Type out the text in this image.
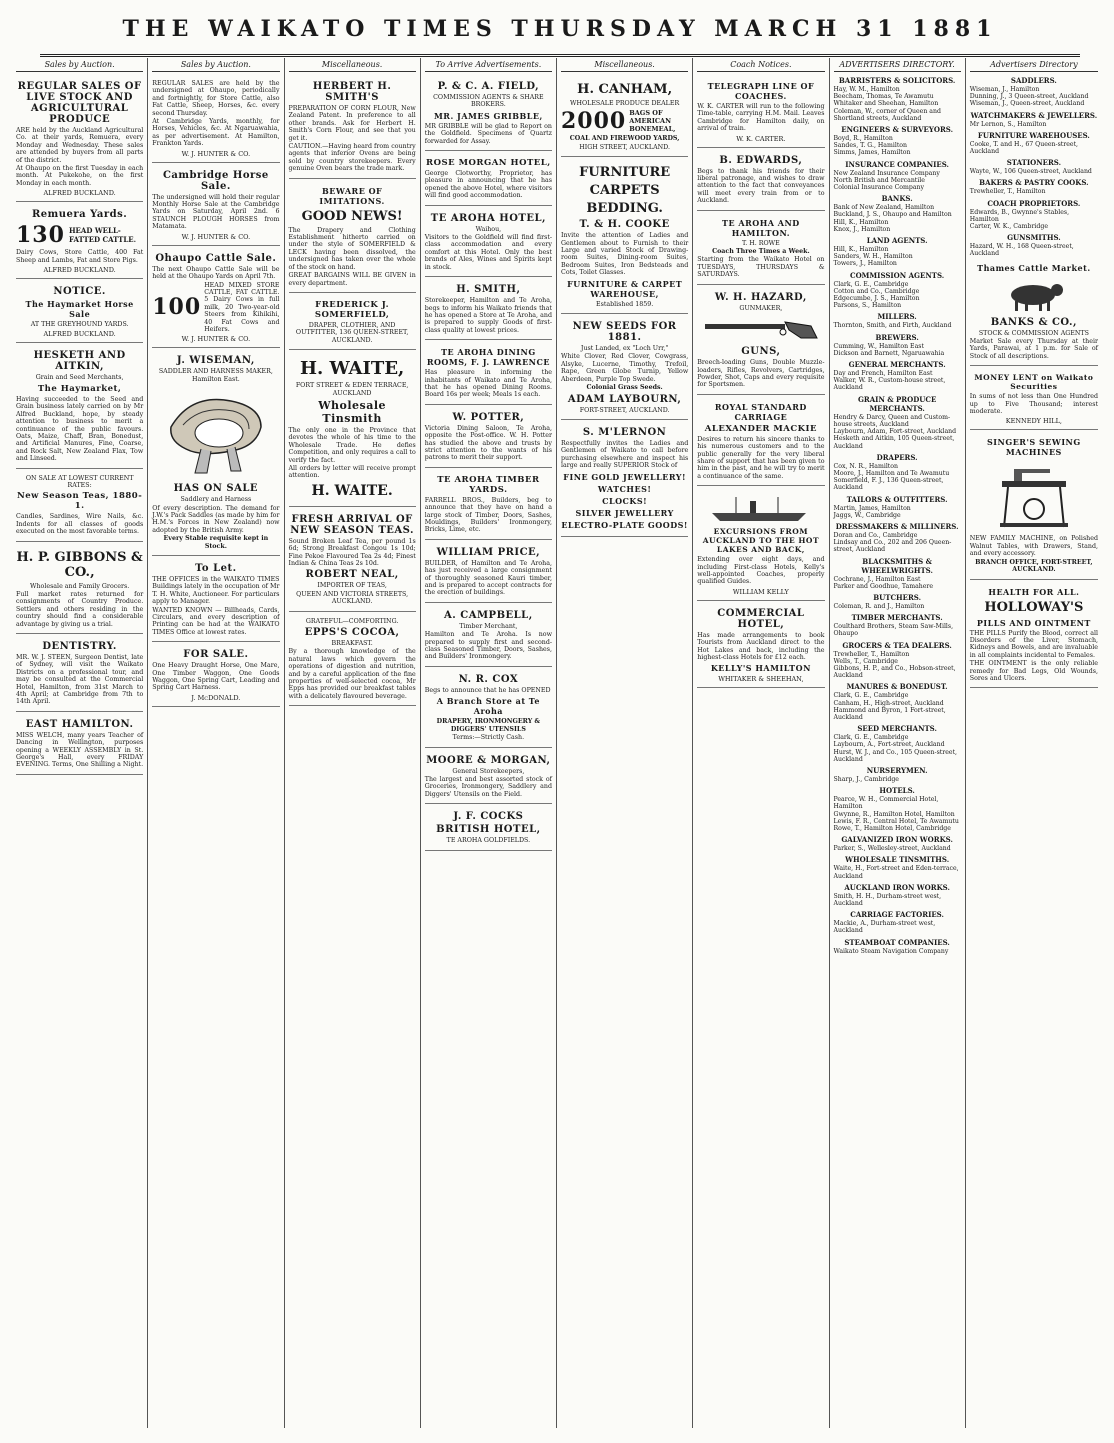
THE WAIKATO TIMES THURSDAY MARCH 31 1881
Sales by Auction.
REGULAR SALES OF LIVE STOCK AND AGRICULTURAL PRODUCE

ARE held by the Auckland Agricultural Co. at their yards, Remuera, every Monday and Wednesday. These sales are attended by buyers from all parts of the district.

At Ohaupo on the first Tuesday in each month. At Pukekohe, on the first Monday in each month.

ALFRED BUCKLAND.
Remuera Yards.
130 HEAD WELL-FATTED CATTLE.

Dairy Cows, Store Cattle, 400 Fat Sheep and Lambs, Fat and Store Pigs.

ALFRED BUCKLAND.
NOTICE.
The Haymarket Horse Sale

AT THE GREYHOUND YARDS.

ALFRED BUCKLAND.
HESKETH AND AITKIN,

Grain and Seed Merchants,

The Haymarket,

Having succeeded to the Seed and Grain business lately carried on by Mr Alfred Buckland, hope, by steady attention to business to merit a continuance of the public favours. Oats, Maize, Chaff, Bran, Bonedust, and Artificial Manures, Fine, Coarse, and Rock Salt, New Zealand Flax, Tow and Linseed.

ON SALE AT LOWEST CURRENT RATES:

New Season Teas, 1880-1.

Candles, Sardines, Wire Nails, &c. Indents for all classes of goods executed on the most favorable terms.

H. P. GIBBONS & CO.,

Wholesale and Family Grocers.

Full market rates returned for consignments of Country Produce. Settlers and others residing in the country should find a considerable advantage by giving us a trial.

DENTISTRY.

MR. W. J. STEEN, Surgeon Dentist, late of Sydney, will visit the Waikato Districts on a professional tour, and may be consulted at the Commercial Hotel, Hamilton, from 31st March to 4th April; at Cambridge from 7th to 14th April.

EAST HAMILTON.

MISS WELCH, many years Teacher of Dancing in Wellington, purposes opening a WEEKLY ASSEMBLY in St. George's Hall, every FRIDAY EVENING. Terms, One Shilling a Night.

Sales by Auction.

REGULAR SALES are held by the undersigned at Ohaupo, periodically and fortnightly, for Store Cattle, also Fat Cattle, Sheep, Horses, &c. every second Thursday.

At Cambridge Yards, monthly, for Horses, Vehicles, &c. At Ngaruawahia, as per advertisement. At Hamilton, Frankton Yards.

W. J. HUNTER & CO.
Cambridge Horse Sale.

The undersigned will hold their regular Monthly Horse Sale at the Cambridge Yards on Saturday, April 2nd. 6 STAUNCH PLOUGH HORSES from Matamata.

W. J. HUNTER & CO.
Ohaupo Cattle Sale.

The next Ohaupo Cattle Sale will be held at the Ohaupo Yards on April 7th.

100

HEAD MIXED STORE CATTLE, FAT CATTLE. 5 Dairy Cows in full milk, 20 Two-year-old Steers from Kihikihi, 40 Fat Cows and Heifers.

W. J. HUNTER & CO.
J. WISEMAN,

SADDLER AND HARNESS MAKER, Hamilton East.

HAS ON SALE

Saddlery and Harness

Of every description. The demand for J.W.'s Pack Saddles (as made by him for H.M.'s Forces in New Zealand) now adopted by the British Army.

Every Stable requisite kept in Stock.

To Let.

THE OFFICES in the WAIKATO TIMES Buildings lately in the occupation of Mr T. H. White, Auctioneer. For particulars apply to Manager.

WANTED KNOWN — Billheads, Cards, Circulars, and every description of Printing can be had at the WAIKATO TIMES Office at lowest rates.

FOR SALE.

One Heavy Draught Horse, One Mare, One Timber Waggon, One Goods Waggon, One Spring Cart, Leading and Spring Cart Harness.

J. McDONALD.
Miscellaneous.
HERBERT H. SMITH'S

PREPARATION OF CORN FLOUR, New Zealand Patent. In preference to all other brands. Ask for Herbert H. Smith's Corn Flour, and see that you get it.

CAUTION.—Having heard from country agents that inferior Ovens are being sold by country storekeepers. Every genuine Oven bears the trade mark.

BEWARE OF IMITATIONS.
GOOD NEWS!

The Drapery and Clothing Establishment hitherto carried on under the style of SOMERFIELD & LECK having been dissolved, the undersigned has taken over the whole of the stock on hand.

GREAT BARGAINS WILL BE GIVEN in every department.

FREDERICK J. SOMERFIELD,

DRAPER, CLOTHIER, AND OUTFITTER, 136 QUEEN-STREET, AUCKLAND.

H. WAITE,

FORT STREET & EDEN TERRACE, AUCKLAND

Wholesale Tinsmith

The only one in the Province that devotes the whole of his time to the Wholesale Trade. He defies Competition, and only requires a call to verify the fact.

All orders by letter will receive prompt attention.

H. WAITE.
FRESH ARRIVAL OF NEW SEASON TEAS.

Sound Broken Leaf Tea, per pound 1s 6d; Strong Breakfast Congou 1s 10d; Fine Pekoe Flavoured Tea 2s 4d; Finest Indian & China Teas 2s 10d.

ROBERT NEAL,

IMPORTER OF TEAS,

QUEEN AND VICTORIA STREETS, AUCKLAND.

GRATEFUL—COMFORTING.

EPPS'S COCOA,

BREAKFAST.

By a thorough knowledge of the natural laws which govern the operations of digestion and nutrition, and by a careful application of the fine properties of well-selected cocoa, Mr Epps has provided our breakfast tables with a delicately flavoured beverage.

To Arrive Advertisements.
P. & C. A. FIELD,

COMMISSION AGENTS & SHARE BROKERS.

MR. JAMES GRIBBLE,

MR GRIBBLE will be glad to Report on the Goldfield. Specimens of Quartz forwarded for Assay.

ROSE MORGAN HOTEL,

George Clotworthy, Proprietor, has pleasure in announcing that he has opened the above Hotel, where visitors will find good accommodation.

TE AROHA HOTEL,

Waihou,

Visitors to the Goldfield will find first-class accommodation and every comfort at this Hotel. Only the best brands of Ales, Wines and Spirits kept in stock.

H. SMITH,

Storekeeper, Hamilton and Te Aroha, begs to inform his Waikato friends that he has opened a Store at Te Aroha, and is prepared to supply Goods of first-class quality at lowest prices.

TE AROHA DINING ROOMS, F. J. LAWRENCE

Has pleasure in informing the inhabitants of Waikato and Te Aroha, that he has opened Dining Rooms. Board 16s per week; Meals 1s each.

W. POTTER,

Victoria Dining Saloon, Te Aroha, opposite the Post-office. W. H. Potter has studied the above and trusts by strict attention to the wants of his patrons to merit their support.

TE AROHA TIMBER YARDS.

FARRELL BROS., Builders, beg to announce that they have on hand a large stock of Timber, Doors, Sashes, Mouldings, Builders' Ironmongery, Bricks, Lime, etc.

WILLIAM PRICE,

BUILDER, of Hamilton and Te Aroha, has just received a large consignment of thoroughly seasoned Kauri timber, and is prepared to accept contracts for the erection of buildings.

A. CAMPBELL,

Timber Merchant,

Hamilton and Te Aroha. Is now prepared to supply first and second-class Seasoned Timber, Doors, Sashes, and Builders' Ironmongery.

N. R. COX

Begs to announce that he has OPENED

A Branch Store at Te Aroha

DRAPERY, IRONMONGERY & DIGGERS' UTENSILS

Terms:—Strictly Cash.

MOORE & MORGAN,

General Storekeepers,

The largest and best assorted stock of Groceries, Ironmongery, Saddlery and Diggers' Utensils on the Field.

J. F. COCKS
BRITISH HOTEL,

TE AROHA GOLDFIELDS.

Miscellaneous.
H. CANHAM,

WHOLESALE PRODUCE DEALER

2000 BAGS OF AMERICAN BONEMEAL,

COAL AND FIREWOOD YARDS,

HIGH STREET, AUCKLAND.

FURNITURE
CARPETS
BEDDING.
T. & H. COOKE

Invite the attention of Ladies and Gentlemen about to Furnish to their Large and varied Stock of Drawing-room Suites, Dining-room Suites, Bedroom Suites, Iron Bedsteads and Cots, Toilet Glasses.

FURNITURE & CARPET WAREHOUSE,

Established 1859.

NEW SEEDS FOR 1881.

Just Landed, ex "Loch Urr,"

White Clover, Red Clover, Cowgrass, Alsyke, Lucerne, Timothy, Trefoil, Rape, Green Globe Turnip, Yellow Aberdeen, Purple Top Swede.

Colonial Grass Seeds.

ADAM LAYBOURN,

FORT-STREET, AUCKLAND.

S. M'LERNON

Respectfully invites the Ladies and Gentlemen of Waikato to call before purchasing elsewhere and inspect his large and really SUPERIOR Stock of

FINE GOLD JEWELLERY!
WATCHES!
CLOCKS!
SILVER JEWELLERY
ELECTRO-PLATE GOODS!
Coach Notices.
TELEGRAPH LINE OF COACHES.

W. K. CARTER will run to the following Time-table, carrying H.M. Mail. Leaves Cambridge for Hamilton daily, on arrival of train.

W. K. CARTER.
B. EDWARDS,

Begs to thank his friends for their liberal patronage, and wishes to draw attention to the fact that conveyances will meet every train from or to Auckland.

TE AROHA AND HAMILTON.

T. H. ROWE

Coach Three Times a Week.

Starting from the Waikato Hotel on TUESDAYS, THURSDAYS & SATURDAYS.

W. H. HAZARD,

GUNMAKER,

GUNS,

Breech-loading Guns, Double Muzzle-loaders, Rifles, Revolvers, Cartridges, Powder, Shot, Caps and every requisite for Sportsmen.

ROYAL STANDARD CARRIAGE
ALEXANDER MACKIE

Desires to return his sincere thanks to his numerous customers and to the public generally for the very liberal share of support that has been given to him in the past, and he will try to merit a continuance of the same.

EXCURSIONS FROM AUCKLAND TO THE HOT LAKES AND BACK,

Extending over eight days, and including First-class Hotels, Kelly's well-appointed Coaches, properly qualified Guides.

WILLIAM KELLY
COMMERCIAL HOTEL,

Has made arrangements to book Tourists from Auckland direct to the Hot Lakes and back, including the highest-class Hotels for £12 each.

KELLY'S HAMILTON
WHITAKER & SHEEHAN,
ADVERTISERS DIRECTORY.
BARRISTERS & SOLICITORS.
Hay, W. M., Hamilton
Beecham, Thomas, Te Awamutu
Whitaker and Sheehan, Hamilton
Coleman, W., corner of Queen and Shortland streets, Auckland
ENGINEERS & SURVEYORS.
Boyd, R., Hamilton
Sandes, T. G., Hamilton
Simms, James, Hamilton
INSURANCE COMPANIES.
New Zealand Insurance Company
North British and Mercantile
Colonial Insurance Company
BANKS.
Bank of New Zealand, Hamilton
Buckland, J. S., Ohaupo and Hamilton
Hill, K., Hamilton
Knox, J., Hamilton
LAND AGENTS.
Hill, K., Hamilton
Sanders, W. H., Hamilton
Towers, J., Hamilton
COMMISSION AGENTS.
Clark, G. E., Cambridge
Cotton and Co., Cambridge
Edgecumbe, J. S., Hamilton
Parsons, S., Hamilton
MILLERS.
Thornton, Smith, and Firth, Auckland
BREWERS.
Cumming, W., Hamilton East
Dickson and Barnett, Ngaruawahia
GENERAL MERCHANTS.
Day and French, Hamilton East
Walker, W. R., Custom-house street, Auckland
GRAIN & PRODUCE MERCHANTS.
Hendry & Darcy, Queen and Custom-house streets, Auckland
Laybourn, Adam, Fort-street, Auckland
Hesketh and Aitkin, 105 Queen-street, Auckland
DRAPERS.
Cox, N. R., Hamilton
Moore, J., Hamilton and Te Awamutu
Somerfield, F. J., 136 Queen-street, Auckland
TAILORS & OUTFITTERS.
Martin, James, Hamilton
Jaggs, W., Cambridge
DRESSMAKERS & MILLINERS.
Doran and Co., Cambridge
Lindsay and Co., 202 and 206 Queen-street, Auckland
BLACKSMITHS & WHEELWRIGHTS.
Cochrane, J., Hamilton East
Parker and Goodhue, Tamahere
BUTCHERS.
Coleman, R. and J., Hamilton
TIMBER MERCHANTS.
Coulthard Brothers, Steam Saw-Mills, Ohaupo
GROCERS & TEA DEALERS.
Trewheller, T., Hamilton
Wells, T., Cambridge
Gibbons, H. P., and Co., Hobson-street, Auckland
MANURES & BONEDUST.
Clark, G. E., Cambridge
Canham, H., High-street, Auckland
Hammond and Byron, 1 Fort-street, Auckland
SEED MERCHANTS.
Clark, G. E., Cambridge
Laybourn, A., Fort-street, Auckland
Hurst, W. J., and Co., 105 Queen-street, Auckland
NURSERYMEN.
Sharp, J., Cambridge
HOTELS.
Pearce, W. H., Commercial Hotel, Hamilton
Gwynne, R., Hamilton Hotel, Hamilton
Lewis, F. R., Central Hotel, Te Awamutu
Rowe, T., Hamilton Hotel, Cambridge
GALVANIZED IRON WORKS.
Parker, S., Wellesley-street, Auckland
WHOLESALE TINSMITHS.
Waite, H., Fort-street and Eden-terrace, Auckland
AUCKLAND IRON WORKS.
Smith, H. H., Durham-street west, Auckland
CARRIAGE FACTORIES.
Mackie, A., Durham-street west, Auckland
STEAMBOAT COMPANIES.
Waikato Steam Navigation Company
Advertisers Directory
SADDLERS.
Wiseman, J., Hamilton
Dunning, J., 3 Queen-street, Auckland
Wiseman, J., Queen-street, Auckland
WATCHMAKERS & JEWELLERS.
Mr Lernon, S., Hamilton
FURNITURE WAREHOUSES.
Cooke, T. and H., 67 Queen-street, Auckland
STATIONERS.
Wayte, W., 106 Queen-street, Auckland
BAKERS & PASTRY COOKS.
Trewheller, T., Hamilton
COACH PROPRIETORS.
Edwards, B., Gwynne's Stables, Hamilton
Carter, W. K., Cambridge
GUNSMITHS.
Hazard, W. H., 168 Queen-street, Auckland
Thames Cattle Market.
BANKS & CO.,

STOCK & COMMISSION AGENTS

Market Sale every Thursday at their Yards, Parawai, at 1 p.m. for Sale of Stock of all descriptions.

MONEY LENT on Waikato Securities

In sums of not less than One Hundred up to Five Thousand; interest moderate.

KENNEDY HILL,
SINGER'S SEWING MACHINES

NEW FAMILY MACHINE, on Polished Walnut Tables, with Drawers, Stand, and every accessory.

BRANCH OFFICE, FORT-STREET, AUCKLAND.

HEALTH FOR ALL.
HOLLOWAY'S
PILLS AND OINTMENT

THE PILLS Purify the Blood, correct all Disorders of the Liver, Stomach, Kidneys and Bowels, and are invaluable in all complaints incidental to Females.

THE OINTMENT is the only reliable remedy for Bad Legs, Old Wounds, Sores and Ulcers.
